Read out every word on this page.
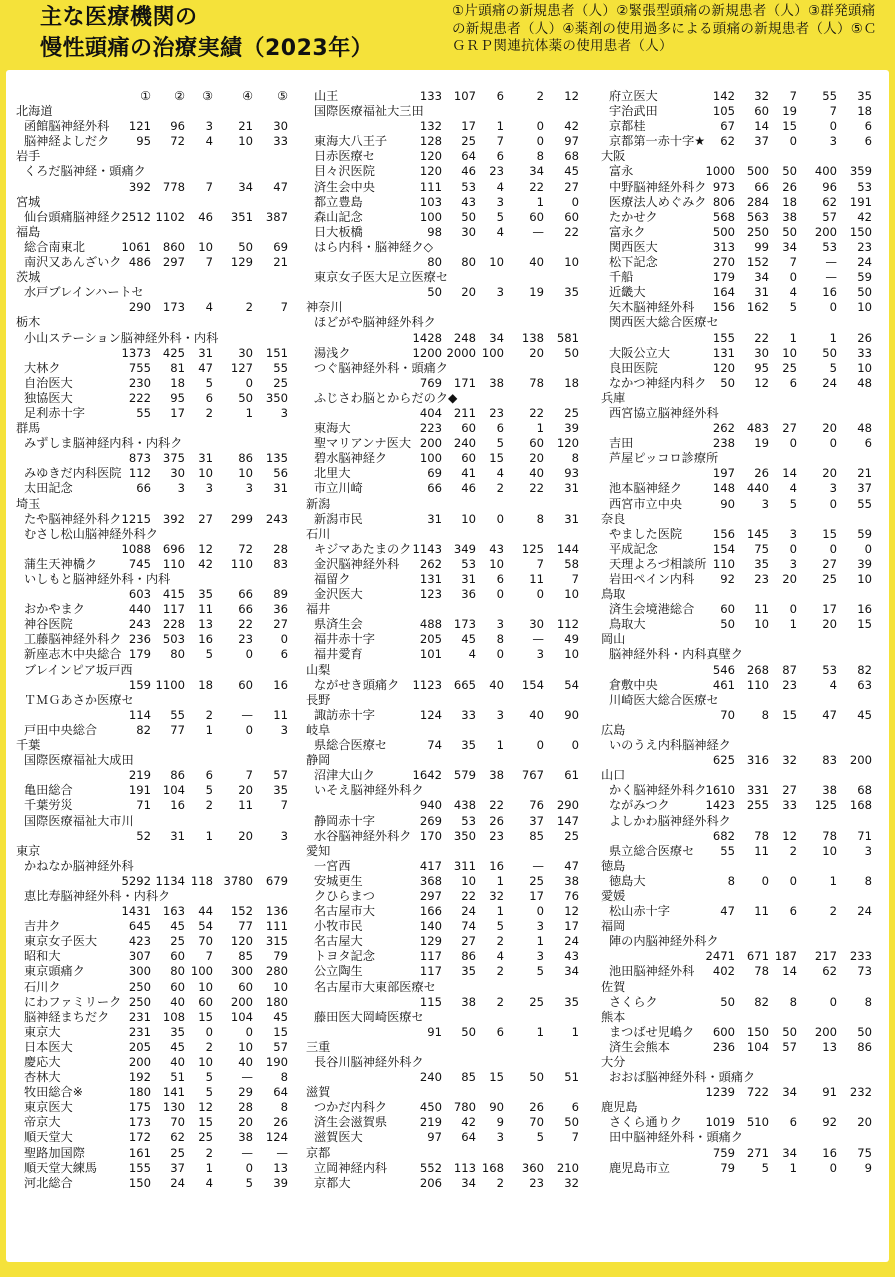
主な医療機関の
慢性頭痛の治療実績（2023年）

①片頭痛の新規患者（人）②緊張型頭痛の新規患者（人）③群発頭痛の新規患者（人）④薬剤の使用過多による頭痛の新規患者（人）⑤ＣＧＲＰ関連抗体薬の使用患者（人）

① ② ③ ④ ⑤
北海道
函館脳神経外科 121 96 3 21 30
脳神経よしだク 95 72 4 10 33
岩手
くろだ脳神経・頭痛ク
392 778 7 34 47
宮城
仙台頭痛脳神経ク 2512 1102 46 351 387
福島
総合南東北	1061 860 10 50 69
南沢又あんざいク 486 297 7 129 21
茨城
水戸ブレインハートセ
290 173 4	2 7
栃木
小山ステーション脳神経外科・内科
1373 425 31 30 151
大林ク	755 81 47 127 55
自治医大	230 18 5	0 25
独協医大	222 95 6 50 350
足利赤十字	55 17 2	1 3
群馬
みずしま脳神経内科・内科ク
873 375 31 86 135
みゆきだ内科医院 112 30 10 10 56
太田記念	66 3 3	3 31
埼玉
たや脳神経外科ク 1215 392 27 299 243
むさし松山脳神経外科ク
1088 696 12 72 28
蒲生天神橋ク	745 110 42 110 83
いしもと脳神経外科・内科
603 415 35 66 89
おかやまク	440 117 11 66 36
神谷医院	243 228 13 22 27
工藤脳神経外科ク 236 503 16 23 0
新座志木中央総合 179 80 5	0 6
ブレインピア坂戸西
159 1100 18 60 16
ＴＭＧあさか医療セ
114 55 2 — 11
戸田中央総合	82 77 1	0 3
千葉
国際医療福祉大成田
219 86 6	7 57
亀田総合	191 104 5 20 35
千葉労災	71 16 2 11 7
国際医療福祉大市川
52 31 1 20 3
東京
かねなか脳神経外科
5292 1134 118 3780 679
恵比寿脳神経外科・内科ク
1431 163 44 152 136
吉井ク	645 45 54 77 111
東京女子医大	423 25 70 120 315
昭和大	307 60 7 85 79
東京頭痛ク	300 80 100 300 280
石川ク	250 60 10 60 10
にわファミリーク 250 40 60 200 180
脳神経まちだク 231 108 15 104 45
東京大	231 35 0	0 15
日本医大	205 45 2 10 57
慶応大	200 40 10 40 190
杏林大	192 51 5 — 8
牧田総合※	180 141 5 29 64
東京医大	175 130 12 28 8
帝京大	173 70 15 20 26
順天堂大	172 62 25 38 124
聖路加国際	161 25 2 — —
順天堂大練馬	155 37 1	0 13
河北総合	150 24 4	5 39
山王	133 107 6	2 12
国際医療福祉大三田
132 17 1	0 42
東海大八王子	128 25 7	0 97
日赤医療セ	120 64 6	8 68
目々沢医院	120 46 23 34 45
済生会中央	111 53 4 22 27
都立豊島	103 43 3	1 0
森山記念	100 50 5 60 60
日大板橋	98 30 4 — 22
はら内科・脳神経ク◇
80 80 10 40 10
東京女子医大足立医療セ
50 20 3 19 35
神奈川
ほどがや脳神経外科ク
1428 248 34 138 581
湯浅ク	1200 2000 100 20 50
つぐ脳神経外科・頭痛ク
769 171 38 78 18
ふじさわ脳とからだのク◆
404 211 23 22 25
東海大	223 60 6	1 39
聖マリアンナ医大 200 240 5 60 120
碧水脳神経ク	100 60 15 20 8
北里大	69 41 4 40 93
市立川崎	66 46 2 22 31
新潟
新潟市民	31 10 0	8 31
石川
キジマあたまのク 1143 349 43 125 144
金沢脳神経外科 262 53 10	7 58
福留ク	131 31 6 11 7
金沢医大	123 36 0	0 10
福井
県済生会	488 173 3 30 112
福井赤十字	205 45 8 — 49
福井愛育	101 4 0	3 10
山梨
ながせき頭痛ク 1123 665 40 154 54
長野
諏訪赤十字	124 33 3 40 90
岐阜
県総合医療セ	74 35 1	0 0
静岡
沼津大山ク	1642 579 38 767 61
いそえ脳神経外科ク
940 438 22 76 290
静岡赤十字	269 53 26 37 147
水谷脳神経外科ク 170 350 23 85 25
愛知
一宮西	417 311 16 — 47
安城更生	368 10 1 25 38
クひらまつ	297 22 32 17 76
名古屋市大	166 24 1	0 12
小牧市民	140 74 5	3 17
名古屋大	129 27 2	1 24
トヨタ記念	117 86 4	3 43
公立陶生	117 35 2	5 34
名古屋市大東部医療セ
115 38 2 25 35
藤田医大岡崎医療セ
91 50 6	1 1
三重
長谷川脳神経外科ク
240 85 15 50 51
滋賀
つかだ内科ク	450 780 90 26 6
済生会滋賀県	219 42 9 70 50
滋賀医大	97 64 3	5 7
京都
立岡神経内科	552 113 168 360 210
京都大	206 34 2 23 32
府立医大	142 32 7 55 35
宇治武田	105 60 19	7 18
京都桂	67 14 15	0 6
京都第一赤十字★ 62 37 0	3 6
大阪
富永	1000 500 50 400 359
中野脳神経外科ク 973 66 26 96 53
医療法人めぐみク 806 284 18 62 191
たかせク	568 563 38 57 42
富永ク	500 250 50 200 150
関西医大	313 99 34 53 23
松下記念	270 152 7 — 24
千船	179 34 0 — 59
近畿大	164 31 4 16 50
矢木脳神経外科 156 162 5	0 10
関西医大総合医療セ
155 22 1	1 26
大阪公立大	131 30 10 50 33
良田医院	120 95 25	5 10
なかつ神経内科ク 50 12 6 24 48
兵庫
西宮協立脳神経外科
262 483 27 20 48
吉田	238 19 0	0 6
芦屋ピッコロ診療所
197 26 14 20 21
池本脳神経ク	148 440 4	3 37
西宮市立中央	90 3 5	0 55
奈良
やました医院	156 145 3 15 59
平成記念	154 75 0	0 0
天理よろづ相談所 110 35 3 27 39
岩田ペイン内科 92 23 20 25 10
鳥取
済生会境港総合 60 11 0 17 16
鳥取大	50 10 1 20 15
岡山
脳神経外科・内科真壁ク
546 268 87 53 82
倉敷中央	461 110 23	4 63
川崎医大総合医療セ
70 8 15 47 45
広島
いのうえ内科脳神経ク
625 316 32 83 200
山口
かく脳神経外科ク
1610 331 27 38 68
ながみつク	1423 255 33 125 168
よしかわ脳神経外科ク
682 78 12 78 71
県立総合医療セ 55 11 2 10 3
徳島
徳島大	8 0 0	1 8
愛媛
松山赤十字	47 11 6	2 24
福岡
陣の内脳神経外科ク
2471 671 187 217 233
池田脳神経外科 402 78 14 62 73
佐賀
さくらク	50 82 8	0 8
熊本
まつばせ児嶋ク 600 150 50 200 50
済生会熊本	236 104 57 13 86
大分
おおば脳神経外科・頭痛ク
1239 722 34 91 232
鹿児島
さくら通りク 1019 510 6 92 20
田中脳神経外科・頭痛ク
759 271 34 16 75
鹿児島市立	79 5 1	0 9
